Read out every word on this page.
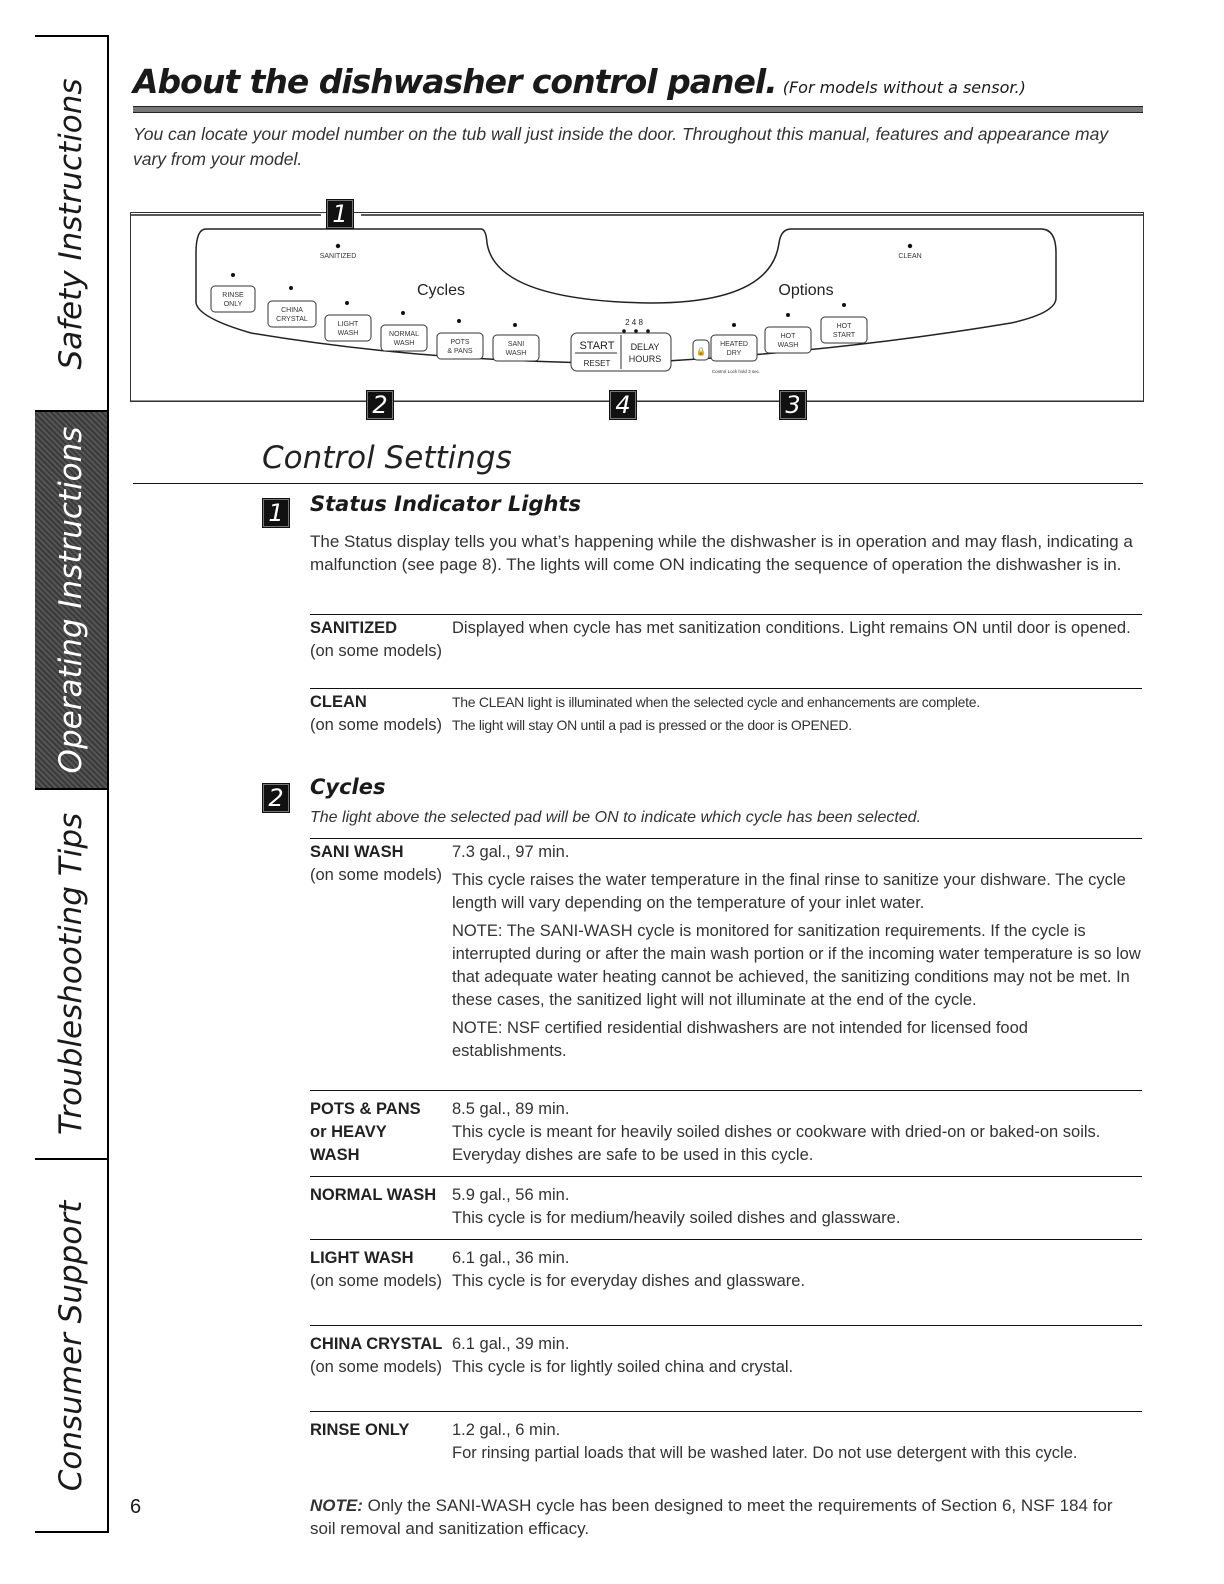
Safety Instructions
Operating Instructions
Troubleshooting Tips
Consumer Support
About the dishwasher control panel. (For models without a sensor.)
You can locate your model number on the tub wall just inside the door. Throughout this manual, features and appearance may vary from your model.
SANITIZED	CLEAN
Cycles	Options
RINSE
ONLY
CHINA
CRYSTAL
LIGHT
WASH	NORMAL
WASH	POTS
& PANS
SANI
WASH
2 4 8
START
RESET
DELAY
HOURS
🔒
HEATED
DRY
HOT
WASH
HOT
START
Control Lock hold 3 sec.
1
2	4	3
Control Settings
1	Status Indicator Lights
The Status display tells you what’s happening while the dishwasher is in operation and may flash, indicating a malfunction (see page 8). The lights will come ON indicating the sequence of operation the dishwasher is in.
SANITIZED
(on some models)
Displayed when cycle has met sanitization conditions. Light remains ON until door is opened.
CLEAN
(on some models)
The CLEAN light is illuminated when the selected cycle and enhancements are complete.
The light will stay ON until a pad is pressed or the door is OPENED.
2	Cycles
The light above the selected pad will be ON to indicate which cycle has been selected.
SANI WASH
(on some models)

7.3 gal., 97 min.

This cycle raises the water temperature in the final rinse to sanitize your dishware. The cycle length will vary depending on the temperature of your inlet water.

NOTE: The SANI-WASH cycle is monitored for sanitization requirements. If the cycle is interrupted during or after the main wash portion or if the incoming water temperature is so low that adequate water heating cannot be achieved, the sanitizing conditions may not be met. In these cases, the sanitized light will not illuminate at the end of the cycle.

NOTE: NSF certified residential dishwashers are not intended for licensed food establishments.

POTS & PANS or HEAVY WASH
8.5 gal., 89 min.
This cycle is meant for heavily soiled dishes or cookware with dried-on or baked-on soils. Everyday dishes are safe to be used in this cycle.
NORMAL WASH 5.9 gal., 56 min.
This cycle is for medium/heavily soiled dishes and glassware.
LIGHT WASH
(on some models)
6.1 gal., 36 min.
This cycle is for everyday dishes and glassware.
CHINA CRYSTAL
(on some models)
6.1 gal., 39 min.
This cycle is for lightly soiled china and crystal.
RINSE ONLY	1.2 gal., 6 min.
For rinsing partial loads that will be washed later. Do not use detergent with this cycle.
6	NOTE: Only the SANI-WASH cycle has been designed to meet the requirements of Section 6, NSF 184 for soil removal and sanitization efficacy.
